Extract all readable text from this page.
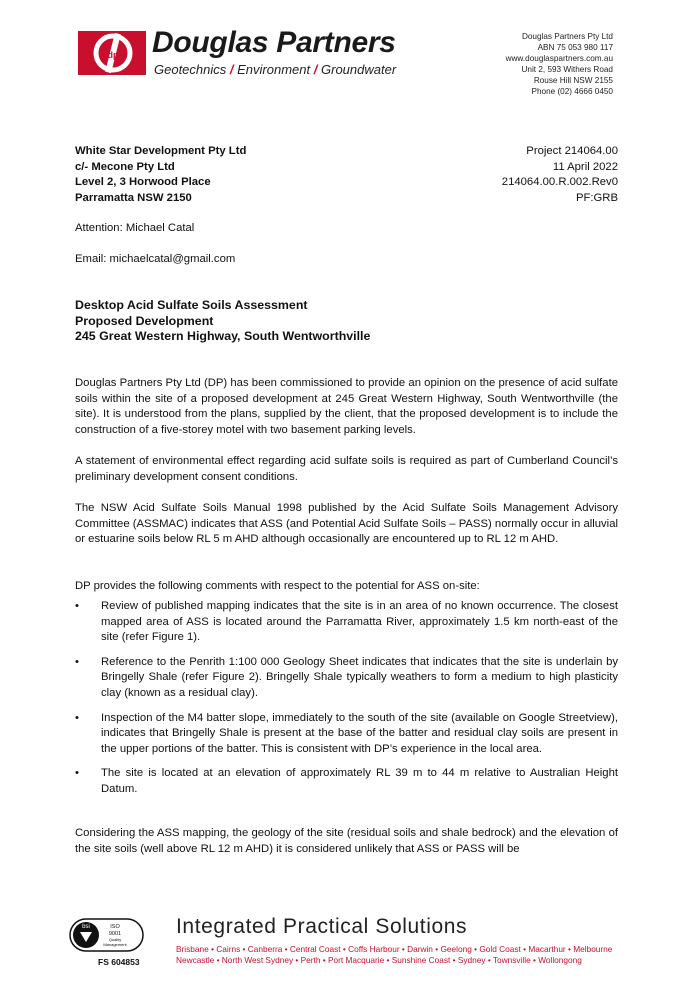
dp Douglas Partners
Geotechnics / Environment / Groundwater
Douglas Partners Pty Ltd
ABN 75 053 980 117
www.douglaspartners.com.au
Unit 2, 593 Withers Road
Rouse Hill NSW 2155
Phone (02) 4666 0450
White Star Development Pty Ltd
c/- Mecone Pty Ltd
Level 2, 3 Horwood Place
Parramatta NSW 2150
Project 214064.00
11 April 2022
214064.00.R.002.Rev0
PF:GRB
Attention: Michael Catal
Email: michaelcatal@gmail.com
Desktop Acid Sulfate Soils Assessment
Proposed Development
245 Great Western Highway, South Wentworthville
Douglas Partners Pty Ltd (DP) has been commissioned to provide an opinion on the presence of acid sulfate soils within the site of a proposed development at 245 Great Western Highway, South Wentworthville (the site). It is understood from the plans, supplied by the client, that the proposed development is to include the construction of a five-storey motel with two basement parking levels.
A statement of environmental effect regarding acid sulfate soils is required as part of Cumberland Council’s preliminary development consent conditions.
The NSW Acid Sulfate Soils Manual 1998 published by the Acid Sulfate Soils Management Advisory Committee (ASSMAC) indicates that ASS (and Potential Acid Sulfate Soils – PASS) normally occur in alluvial or estuarine soils below RL 5 m AHD although occasionally are encountered up to RL 12 m AHD.
DP provides the following comments with respect to the potential for ASS on-site:
• Review of published mapping indicates that the site is in an area of no known occurrence. The closest mapped area of ASS is located around the Parramatta River, approximately 1.5 km north-east of the site (refer Figure 1).
• Reference to the Penrith 1:100 000 Geology Sheet indicates that indicates that the site is underlain by Bringelly Shale (refer Figure 2). Bringelly Shale typically weathers to form a medium to high plasticity clay (known as a residual clay).
• Inspection of the M4 batter slope, immediately to the south of the site (available on Google Streetview), indicates that Bringelly Shale is present at the base of the batter and residual clay soils are present in the upper portions of the batter. This is consistent with DP’s experience in the local area.
• The site is located at an elevation of approximately RL 39 m to 44 m relative to Australian Height Datum.
Considering the ASS mapping, the geology of the site (residual soils and shale bedrock) and the elevation of the site soils (well above RL 12 m AHD) it is considered unlikely that ASS or PASS will be
bsi	ISO
9001
Quality
Management
FS 604853
Integrated Practical Solutions
Brisbane • Cairns • Canberra • Central Coast • Coffs Harbour • Darwin • Geelong • Gold Coast • Macarthur • Melbourne
Newcastle • North West Sydney • Perth • Port Macquarie • Sunshine Coast • Sydney • Townsville • Wollongong
